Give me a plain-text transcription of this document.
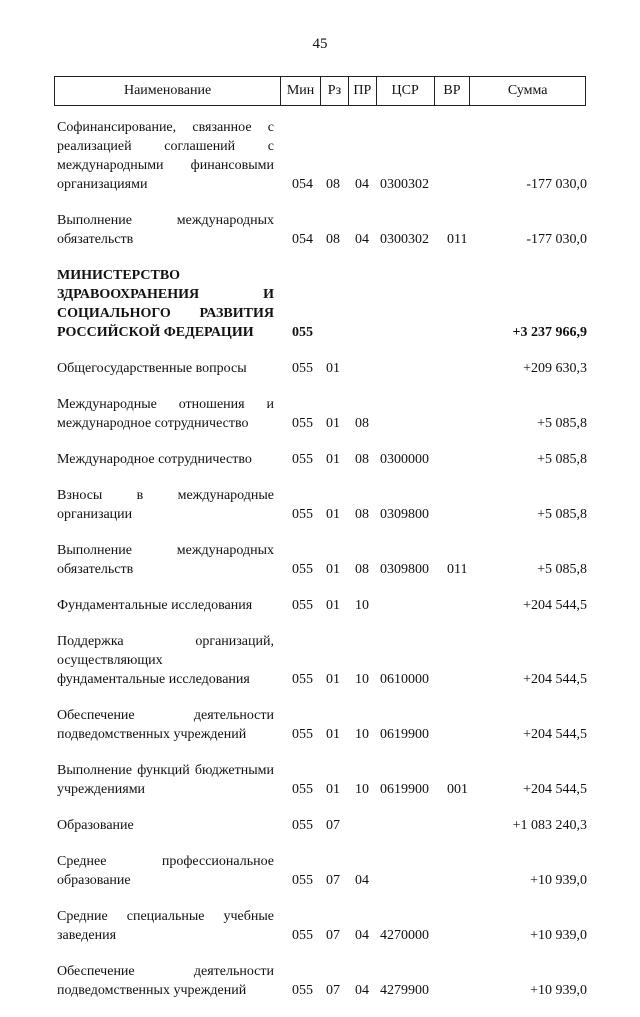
45
Наименование	Мин Рз ПР	ЦСР	ВР	Сумма
Софинансирование, связанное с реализацией соглашений с международными финансовыми организациями	054 08 04 0300302	-177 030,0
Выполнение международных обязательств	054 08 04 0300302 011	-177 030,0
МИНИСТЕРСТВО ЗДРАВООХРАНЕНИЯ И СОЦИАЛЬНОГО РАЗВИТИЯ РОССИЙСКОЙ ФЕДЕРАЦИИ	055	+3 237 966,9
Общегосударственные вопросы	055 01	+209 630,3
Международные отношения и международное сотрудничество	055 01 08	+5 085,8
Международное сотрудничество	055 01 08 0300000	+5 085,8
Взносы в международные организации	055 01 08 0309800	+5 085,8
Выполнение международных обязательств	055 01 08 0309800 011	+5 085,8
Фундаментальные исследования	055 01 10	+204 544,5
Поддержка организаций, осуществляющих фундаментальные исследования	055 01 10 0610000	+204 544,5
Обеспечение деятельности подведомственных учреждений	055 01 10 0619900	+204 544,5
Выполнение функций бюджетными учреждениями	055 01 10 0619900 001	+204 544,5
Образование	055 07	+1 083 240,3
Среднее профессиональное образование	055 07 04	+10 939,0
Средние специальные учебные заведения	055 07 04 4270000	+10 939,0
Обеспечение деятельности подведомственных учреждений	055 07 04 4279900	+10 939,0
